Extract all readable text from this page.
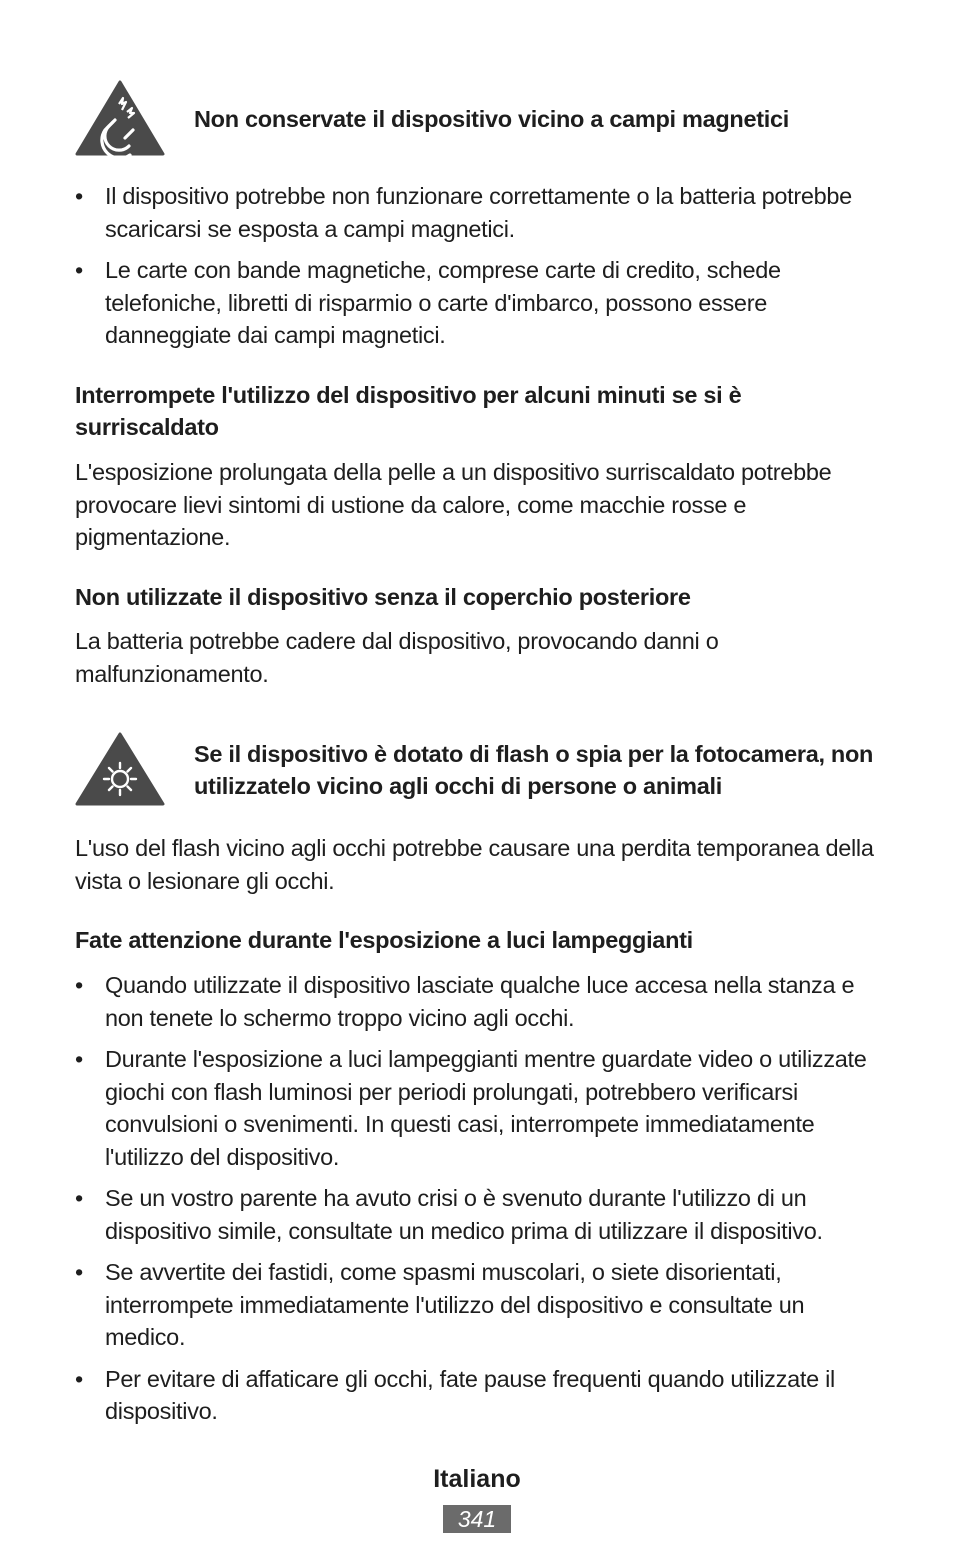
Non conservate il dispositivo vicino a campi magnetici
• Il dispositivo potrebbe non funzionare correttamente o la batteria potrebbe scaricarsi se esposta a campi magnetici.
• Le carte con bande magnetiche, comprese carte di credito, schede telefoniche, libretti di risparmio o carte d'imbarco, possono essere danneggiate dai campi magnetici.
Interrompete l'utilizzo del dispositivo per alcuni minuti se si è surriscaldato
L'esposizione prolungata della pelle a un dispositivo surriscaldato potrebbe provocare lievi sintomi di ustione da calore, come macchie rosse e pigmentazione.
Non utilizzate il dispositivo senza il coperchio posteriore
La batteria potrebbe cadere dal dispositivo, provocando danni o malfunzionamento.
Se il dispositivo è dotato di flash o spia per la fotocamera, non utilizzatelo vicino agli occhi di persone o animali
L'uso del flash vicino agli occhi potrebbe causare una perdita temporanea della vista o lesionare gli occhi.
Fate attenzione durante l'esposizione a luci lampeggianti
• Quando utilizzate il dispositivo lasciate qualche luce accesa nella stanza e non tenete lo schermo troppo vicino agli occhi.
• Durante l'esposizione a luci lampeggianti mentre guardate video o utilizzate giochi con flash luminosi per periodi prolungati, potrebbero verificarsi convulsioni o svenimenti. In questi casi, interrompete immediatamente l'utilizzo del dispositivo.
• Se un vostro parente ha avuto crisi o è svenuto durante l'utilizzo di un dispositivo simile, consultate un medico prima di utilizzare il dispositivo.
• Se avvertite dei fastidi, come spasmi muscolari, o siete disorientati, interrompete immediatamente l'utilizzo del dispositivo e consultate un medico.
• Per evitare di affaticare gli occhi, fate pause frequenti quando utilizzate il dispositivo.
Italiano
341
